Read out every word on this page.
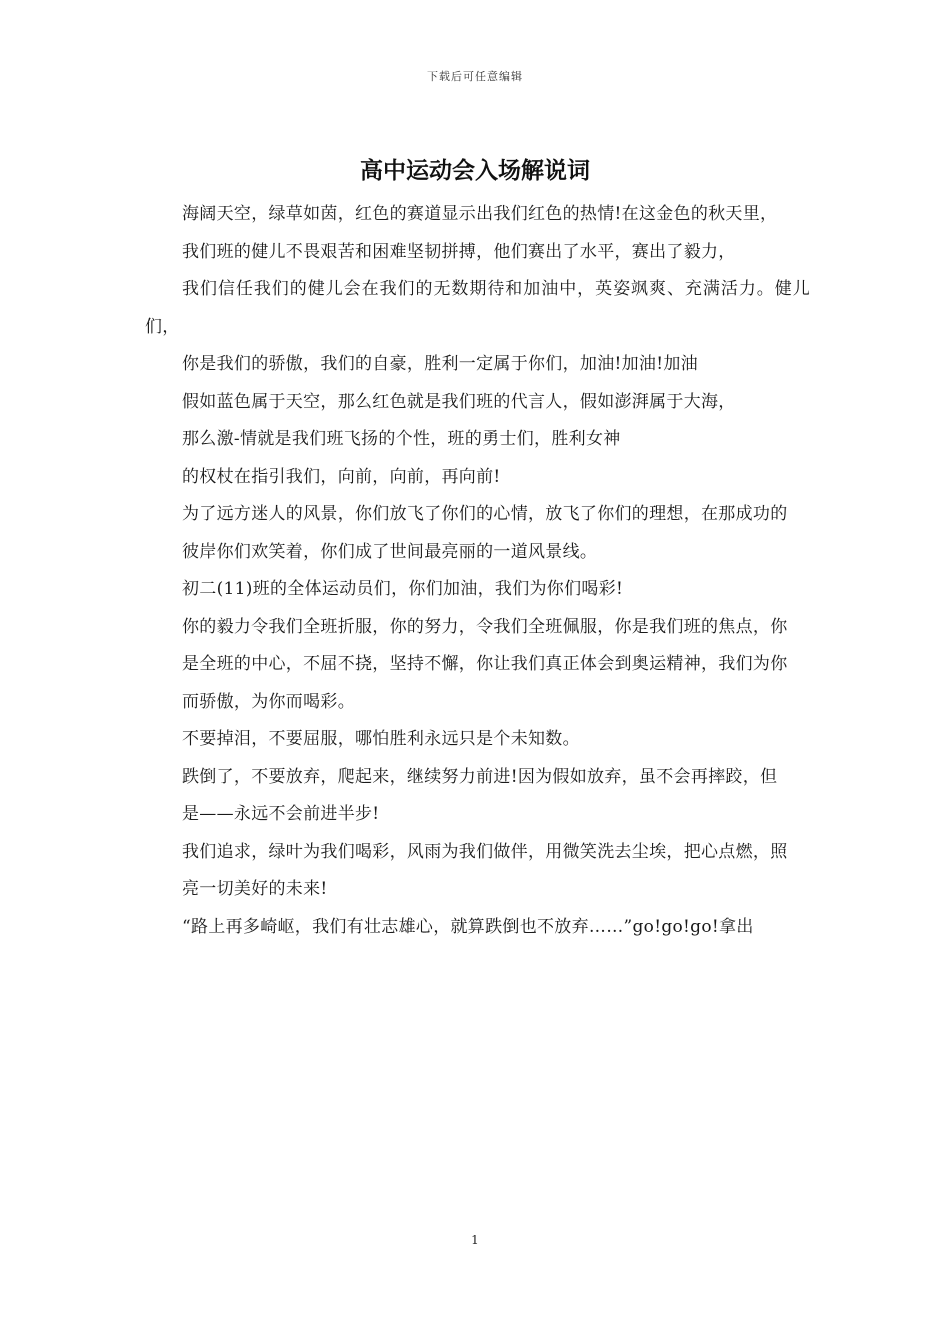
下载后可任意编辑
高中运动会入场解说词

海阔天空，绿草如茵，红色的赛道显示出我们红色的热情!在这金色的秋天里，

我们班的健儿不畏艰苦和困难坚韧拼搏，他们赛出了水平，赛出了毅力，

我们信任我们的健儿会在我们的无数期待和加油中，英姿飒爽、充满活力。健儿们，

你是我们的骄傲，我们的自豪，胜利一定属于你们，加油!加油!加油

假如蓝色属于天空，那么红色就是我们班的代言人，假如澎湃属于大海，

那么激-情就是我们班飞扬的个性，班的勇士们，胜利女神

的权杖在指引我们，向前，向前，再向前!

为了远方迷人的风景，你们放飞了你们的心情，放飞了你们的理想，在那成功的

彼岸你们欢笑着，你们成了世间最亮丽的一道风景线。

初二(11)班的全体运动员们，你们加油，我们为你们喝彩!

你的毅力令我们全班折服，你的努力，令我们全班佩服，你是我们班的焦点，你

是全班的中心，不屈不挠，坚持不懈，你让我们真正体会到奥运精神，我们为你

而骄傲，为你而喝彩。

不要掉泪，不要屈服，哪怕胜利永远只是个未知数。

跌倒了，不要放弃，爬起来，继续努力前进!因为假如放弃，虽不会再摔跤，但

是——永远不会前进半步!

我们追求，绿叶为我们喝彩，风雨为我们做伴，用微笑洗去尘埃，把心点燃，照

亮一切美好的未来!

“路上再多崎岖，我们有壮志雄心，就算跌倒也不放弃……”go!go!go!拿出

1
